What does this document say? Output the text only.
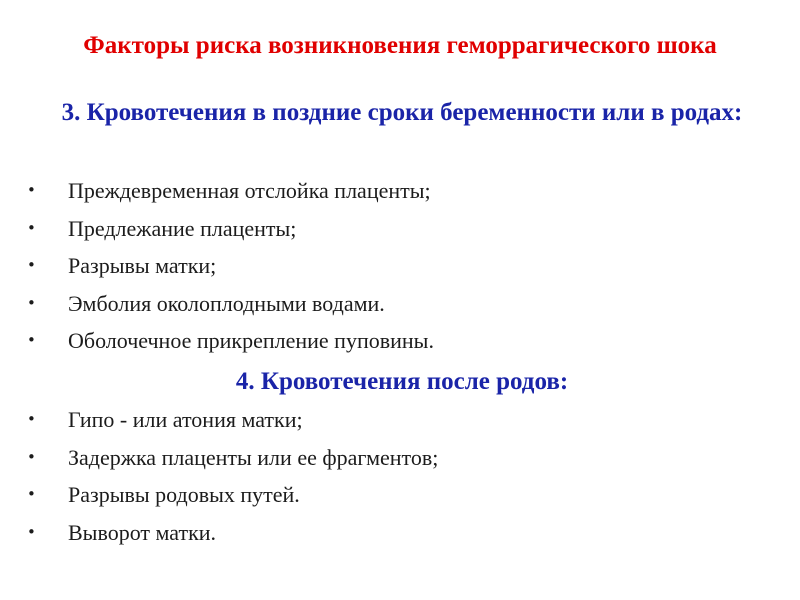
Факторы риска возникновения геморрагического шока
3. Кровотечения в поздние сроки беременности или в родах:
• Преждевременная отслойка плаценты;
• Предлежание плаценты;
• Разрывы матки;
• Эмболия околоплодными водами.
• Оболочечное прикрепление пуповины.
4. Кровотечения после родов:
• Гипо - или атония матки;
• Задержка плаценты или ее фрагментов;
• Разрывы родовых путей.
• Выворот матки.
